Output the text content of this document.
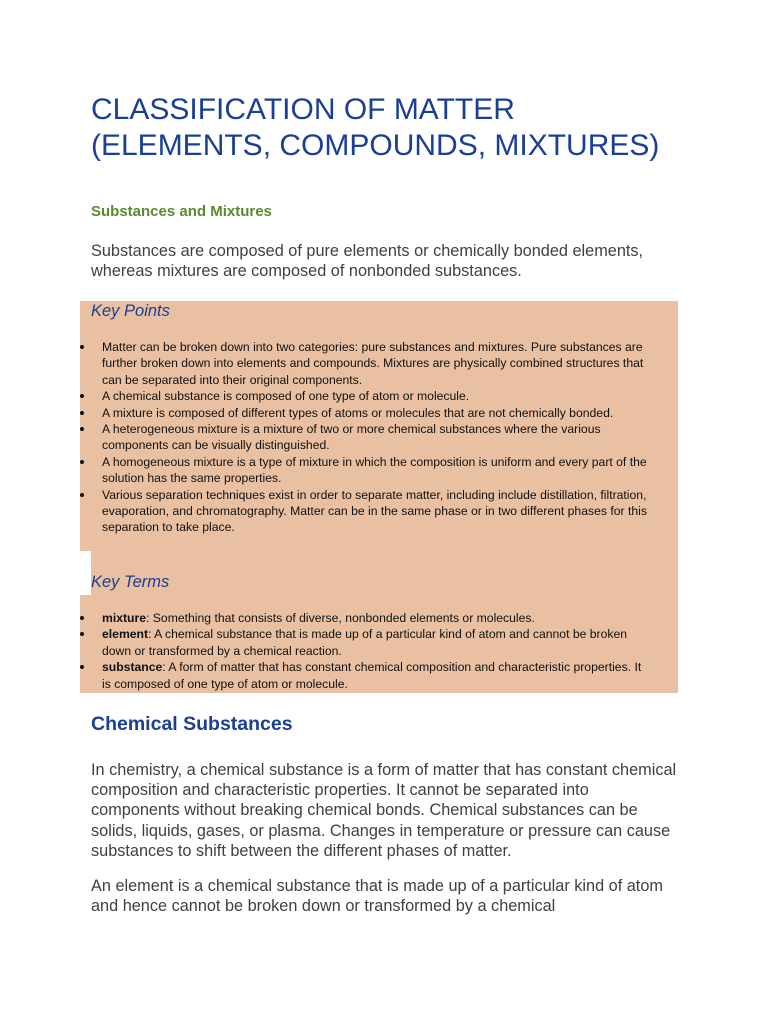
CLASSIFICATION OF MATTER
(ELEMENTS, COMPOUNDS, MIXTURES)
Substances and Mixtures

Substances are composed of pure elements or chemically bonded elements, whereas mixtures are composed of nonbonded substances.

Key Points
Matter can be broken down into two categories: pure substances and mixtures. Pure substances are further broken down into elements and compounds. Mixtures are physically combined structures that can be separated into their original components.
A chemical substance is composed of one type of atom or molecule.
A mixture is composed of different types of atoms or molecules that are not chemically bonded.
A heterogeneous mixture is a mixture of two or more chemical substances where the various components can be visually distinguished.
A homogeneous mixture is a type of mixture in which the composition is uniform and every part of the solution has the same properties.
Various separation techniques exist in order to separate matter, including include distillation, filtration, evaporation, and chromatography. Matter can be in the same phase or in two different phases for this separation to take place.
Key Terms
mixture: Something that consists of diverse, nonbonded elements or molecules.
element: A chemical substance that is made up of a particular kind of atom and cannot be broken down or transformed by a chemical reaction.
substance: A form of matter that has constant chemical composition and characteristic properties. It is composed of one type of atom or molecule.
Chemical Substances

In chemistry, a chemical substance is a form of matter that has constant chemical composition and characteristic properties. It cannot be separated into components without breaking chemical bonds. Chemical substances can be solids, liquids, gases, or plasma. Changes in temperature or pressure can cause substances to shift between the different phases of matter.

An element is a chemical substance that is made up of a particular kind of atom and hence cannot be broken down or transformed by a chemical
